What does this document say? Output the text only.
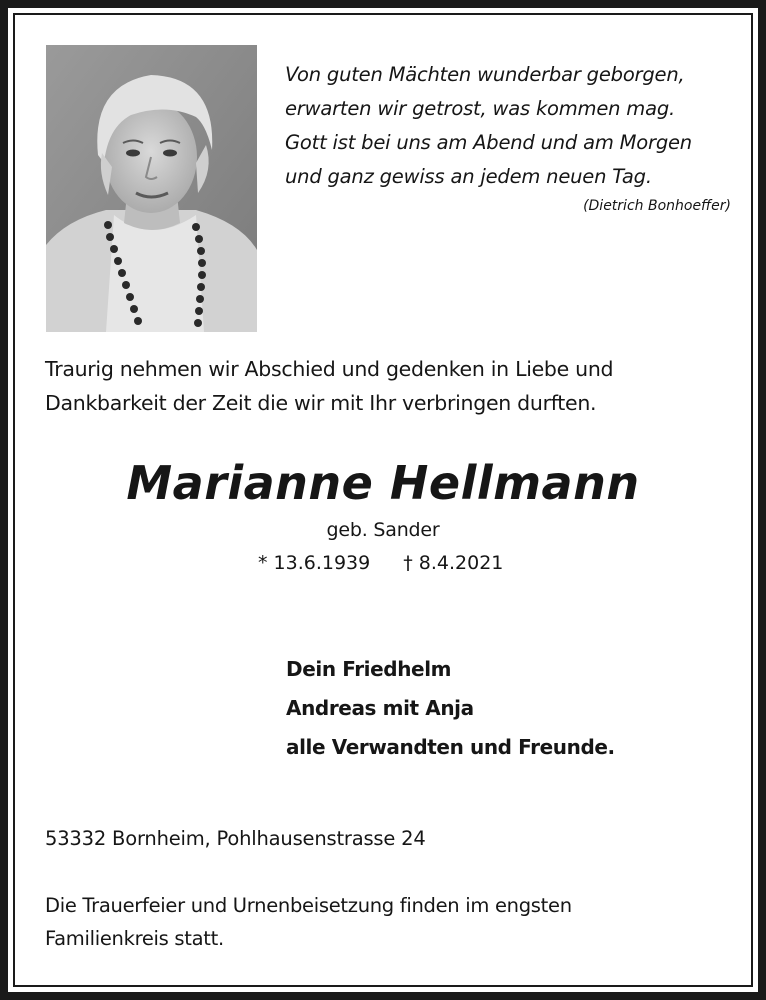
Von guten Mächten wunderbar geborgen,
erwarten wir getrost, was kommen mag.
Gott ist bei uns am Abend und am Morgen
und ganz gewiss an jedem neuen Tag.
(Dietrich Bonhoeffer)
Traurig nehmen wir Abschied und gedenken in Liebe und
Dankbarkeit der Zeit die wir mit Ihr verbringen durften.
Marianne Hellmann
geb. Sander
* 13.6.1939 † 8.4.2021
Dein Friedhelm
Andreas mit Anja
alle Verwandten und Freunde.
53332 Bornheim, Pohlhausenstrasse 24
Die Trauerfeier und Urnenbeisetzung finden im engsten
Familienkreis statt.
